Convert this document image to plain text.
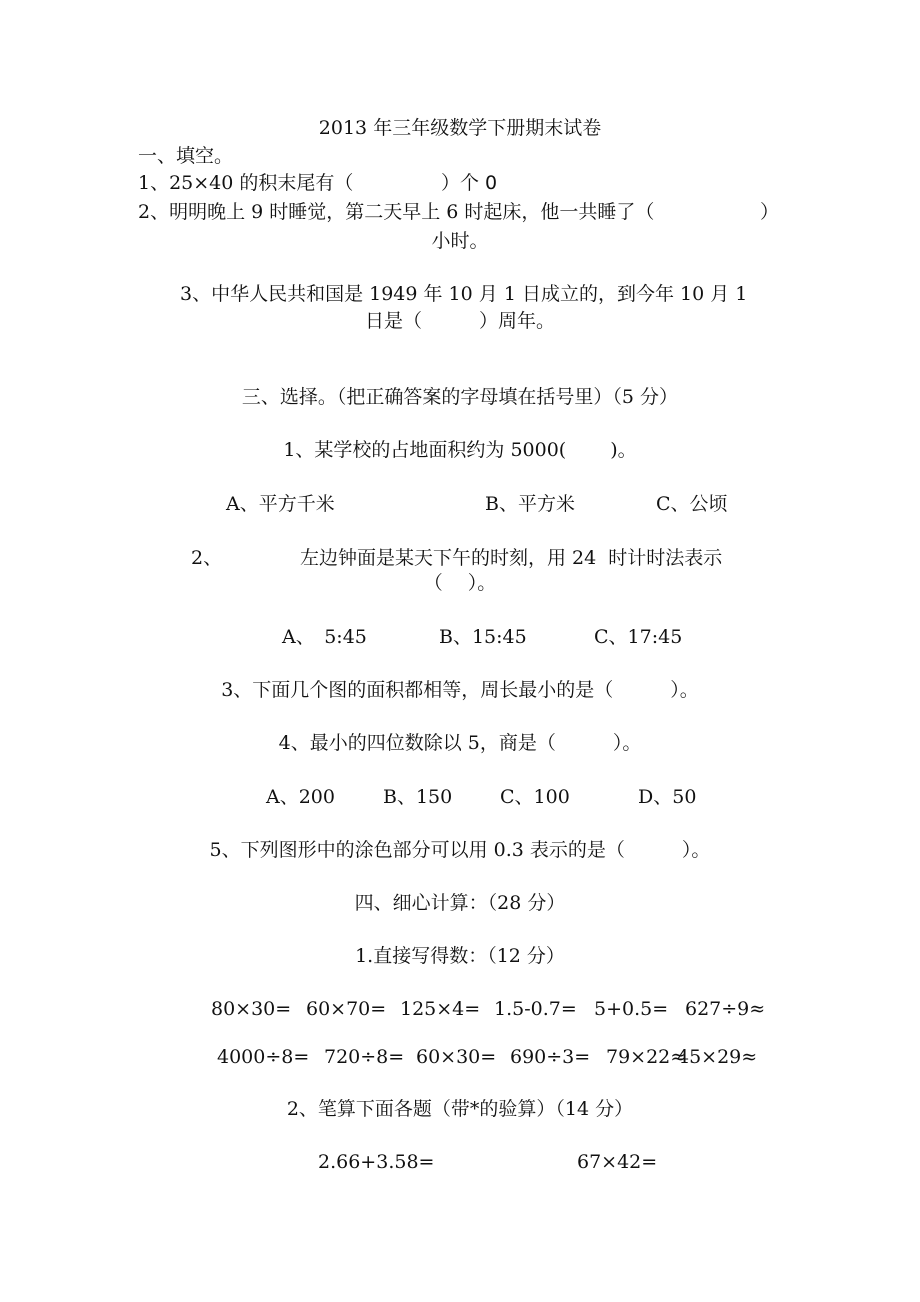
2013 年三年级数学下册期末试卷
一、填空。
1、25×40 的积末尾有（	）个 0
2、明明晚上 9 时睡觉，第二天早上 6 时起床，他一共睡了（	）
小时。
3、中华人民共和国是 1949 年 10 月 1 日成立的，到今年 10 月 1
日是（　　　）周年。
三、选择。（把正确答案的字母填在括号里）（5 分）
1、某学校的占地面积约为 5000(　　 )。
A、平方千米	B、平方米	C、公顷
2、	左边钟面是某天下午的时刻，用 24  时计时法表示
（　 ）。
A、　5:45	B、15:45	C、17:45
3、下面几个图的面积都相等，周长最小的是（　　　）。
4、最小的四位数除以 5，商是（　　　）。
A、200	B、150	C、100	D、50
5、下列图形中的涂色部分可以用 0.3 表示的是（　　　）。
四、细心计算：（28 分）
1.直接写得数：（12 分）
80×30= 60×70= 125×4= 1.5-0.7= 5+0.5= 627÷9≈
4000÷8= 720÷8= 60×30= 690÷3= 79×22≈
45×29≈
2、笔算下面各题（带*的验算）（14 分）
2.66+3.58=	67×42=
